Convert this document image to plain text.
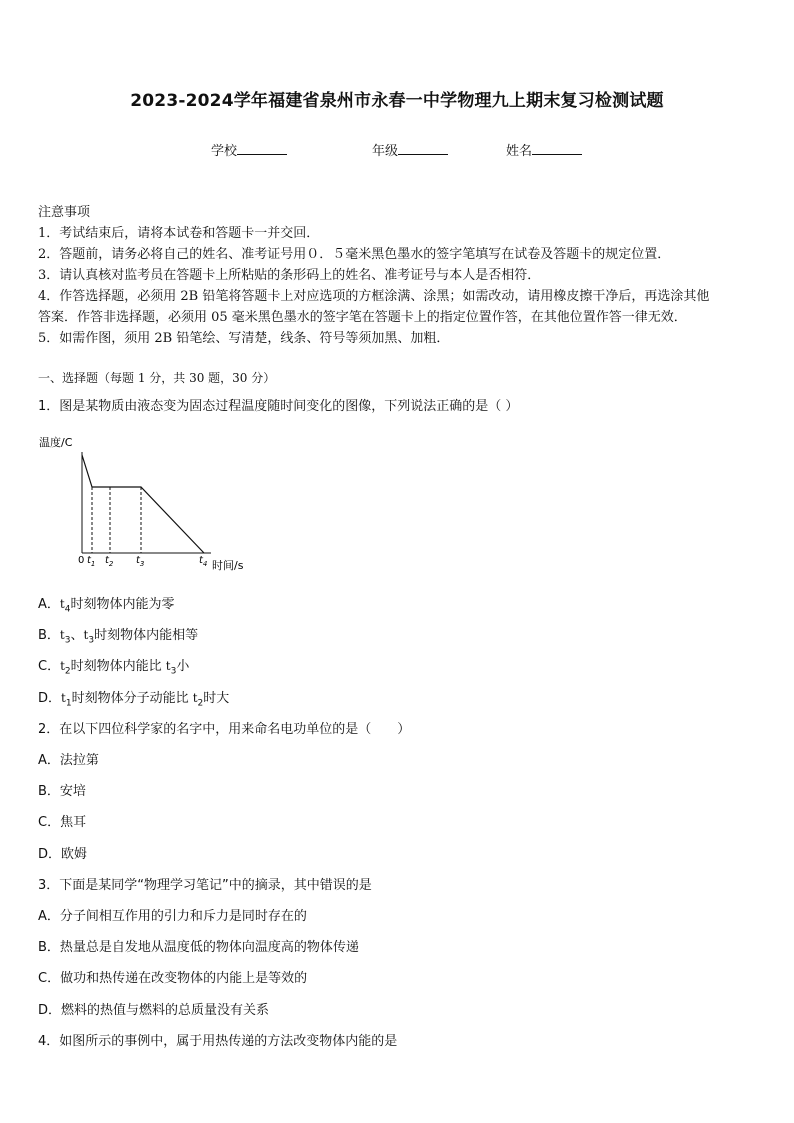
2023-2024学年福建省泉州市永春一中学物理九上期末复习检测试题
学校	年级	姓名
注意事项
1．考试结束后，请将本试卷和答题卡一并交回．
2．答题前，请务必将自己的姓名、准考证号用０．５毫米黑色墨水的签字笔填写在试卷及答题卡的规定位置．
3．请认真核对监考员在答题卡上所粘贴的条形码上的姓名、准考证号与本人是否相符．
4．作答选择题，必须用 2B 铅笔将答题卡上对应选项的方框涂满、涂黑；如需改动，请用橡皮擦干净后，再选涂其他
答案．作答非选择题，必须用 05 毫米黑色墨水的签字笔在答题卡上的指定位置作答，在其他位置作答一律无效．
5．如需作图，须用 2B 铅笔绘、写清楚，线条、符号等须加黑、加粗．
一、选择题（每题 1 分，共 30 题，30 分）
1．图是某物质由液态变为固态过程温度随时间变化的图像，下列说法正确的是（ ）
温度/C
$t_1$ $t_2$ $t_3$	$t_4$
0	时间/s
A．$t_4$时刻物体内能为零
B．$t_3$、$t_3$时刻物体内能相等
C．$t_2$时刻物体内能比 $t_3$小
D．$t_1$时刻物体分子动能比 $t_2$时大
2．在以下四位科学家的名字中，用来命名电功单位的是（　　）
A．法拉第
B．安培
C．焦耳
D．欧姆
3．下面是某同学“物理学习笔记”中的摘录，其中错误的是
A．分子间相互作用的引力和斥力是同时存在的
B．热量总是自发地从温度低的物体向温度高的物体传递
C．做功和热传递在改变物体的内能上是等效的
D．燃料的热值与燃料的总质量没有关系
4．如图所示的事例中，属于用热传递的方法改变物体内能的是
